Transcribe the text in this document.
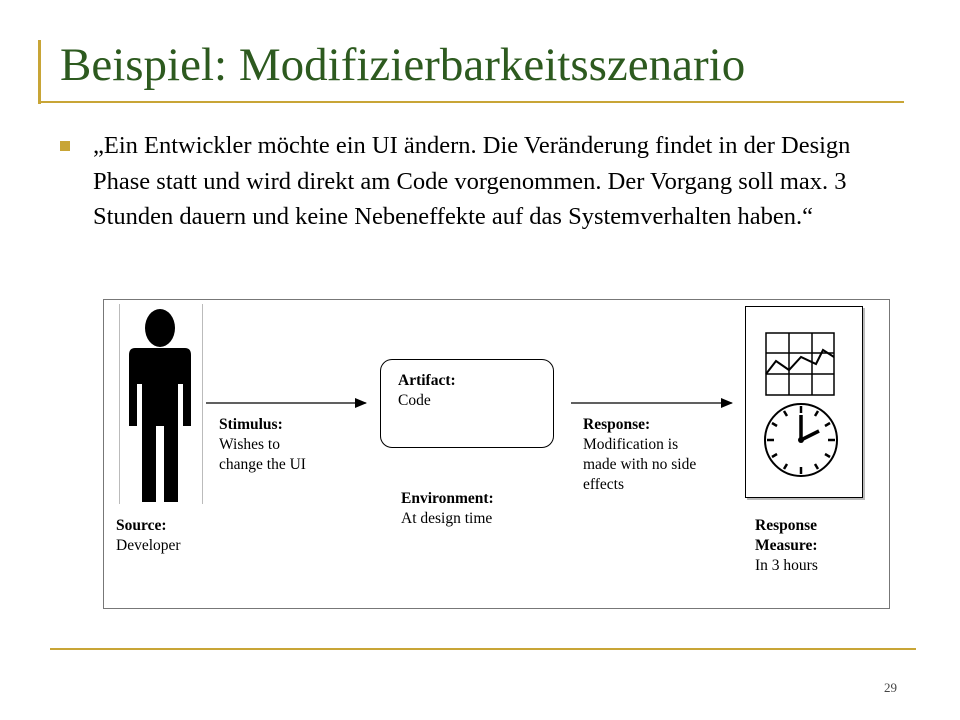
Beispiel: Modifizierbarkeitsszenario
„Ein Entwickler möchte ein UI ändern. Die Veränderung findet in der Design Phase statt und wird direkt am Code vorgenommen. Der Vorgang soll max. 3 Stunden dauern und keine Nebeneffekte auf das Systemverhalten haben.“
Artifact:
Code
Stimulus:
Wishes to
change the UI
Environment:
At design time
Response:
Modification is
made with no side
effects
Source:
Developer
Response
Measure:
In 3 hours
29
